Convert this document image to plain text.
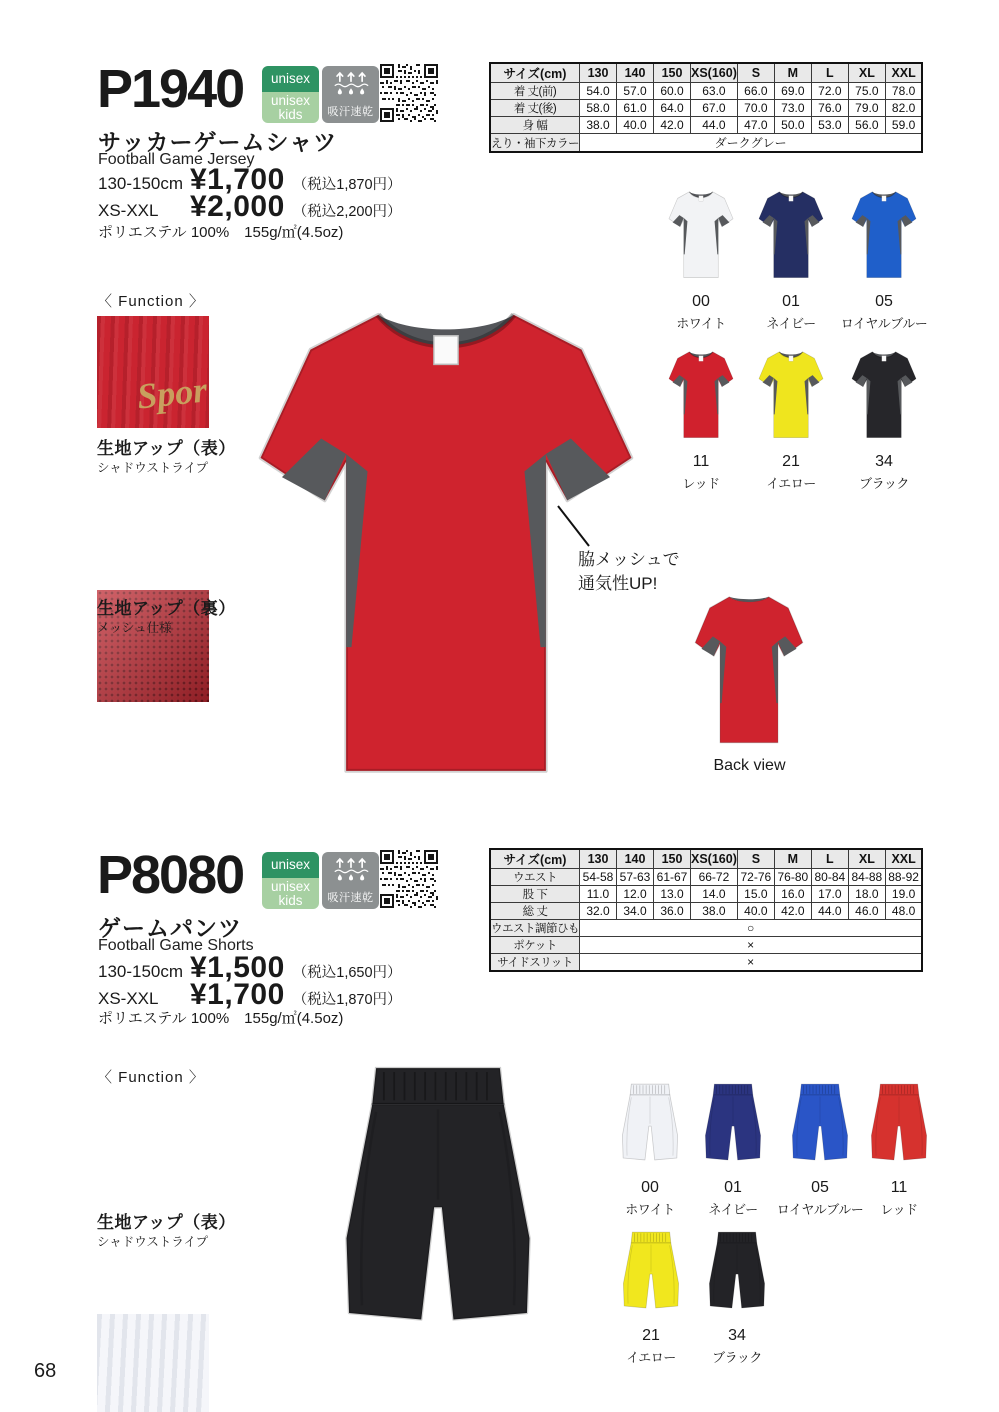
P1940	unisex
unisex
kids	吸汗速乾
サッカーゲームシャツ
Football Game Jersey
130-150cm ¥1,700 （税込1,870円）
XS-XXL	¥2,000 （税込2,200円）
ポリエステル 100%　155g/㎡(4.5oz)
サイズ(cm)	130	140	150	XS(160)	S	M	L	XL	XXL
着 丈(前)	54.0	57.0	60.0	63.0	66.0	69.0	72.0	75.0	78.0
着 丈(後)	58.0	61.0	64.0	67.0	70.0	73.0	76.0	79.0	82.0
身 幅	38.0	40.0	42.0	44.0	47.0	50.0	53.0	56.0	59.0
えり・袖下カラー	ダークグレー								
〈 Function 〉
Spor
生地アップ（表）
シャドウストライプ
生地アップ（裏）
メッシュ仕様
脇メッシュで
通気性UP!
Back view
00
ホワイト
01
ネイビー
05
ロイヤルブルー
11
レッド
21
イエロー
34
ブラック
P8080	unisex
unisex
kids	吸汗速乾
ゲームパンツ
Football Game Shorts
130-150cm ¥1,500 （税込1,650円）
XS-XXL	¥1,700 （税込1,870円）
ポリエステル 100%　155g/㎡(4.5oz)
サイズ(cm)	130	140	150	XS(160)	S	M	L	XL	XXL
ウエスト	54-58	57-63	61-67	66-72	72-76	76-80	80-84	84-88	88-92
股 下	11.0	12.0	13.0	14.0	15.0	16.0	17.0	18.0	19.0
総 丈	32.0	34.0	36.0	38.0	40.0	42.0	44.0	46.0	48.0
ウエスト調節ひも	○								
ポケット	×								
サイドスリット	×								
〈 Function 〉
生地アップ（表）
シャドウストライプ
00
ホワイト
01
ネイビー
05
ロイヤルブルー
11
レッド
21
イエロー
34
ブラック
68
